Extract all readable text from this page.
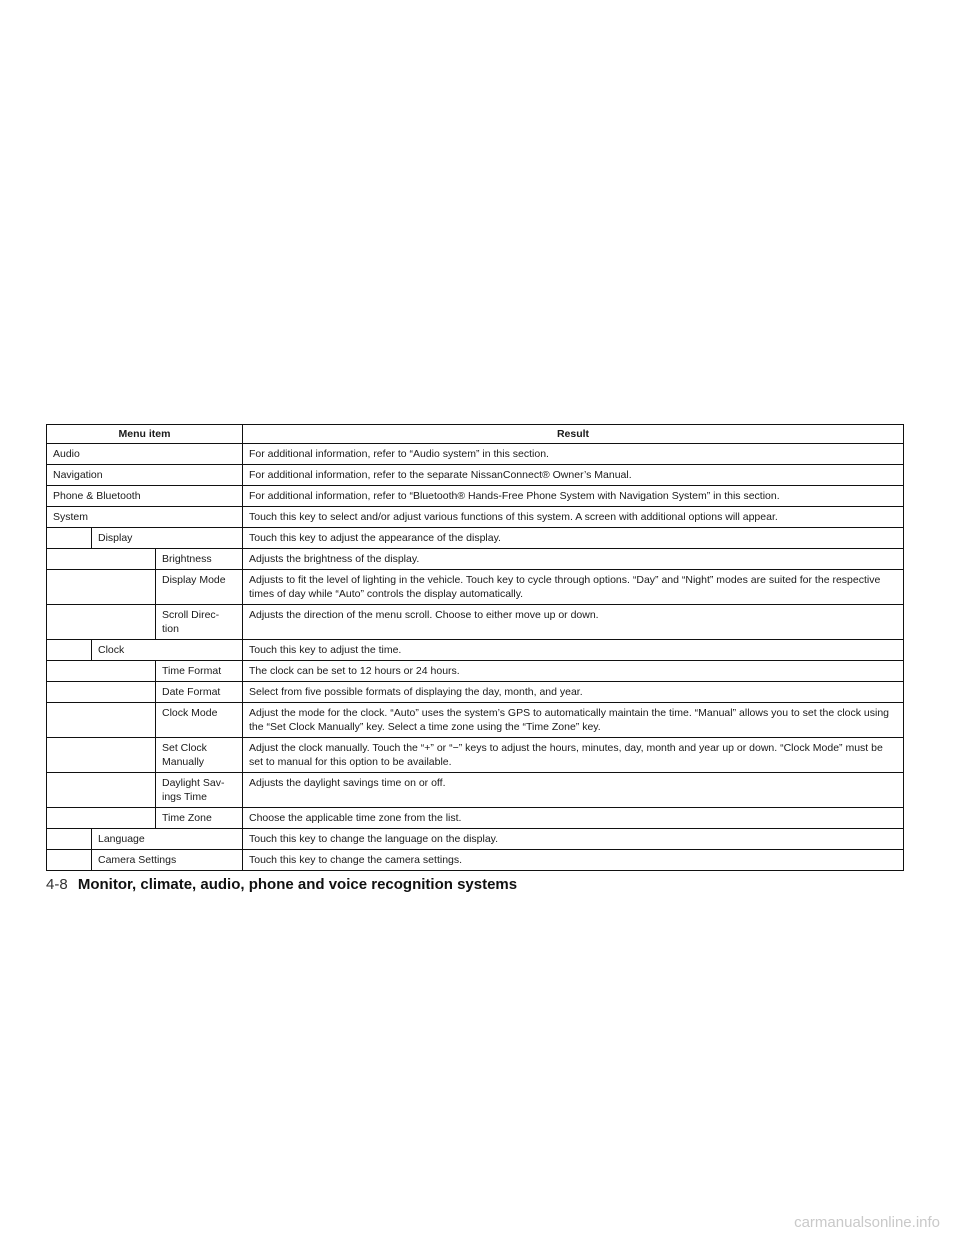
Menu item			Result
Audio			For additional information, refer to “Audio system” in this section.
Navigation			For additional information, refer to the separate NissanConnect® Owner’s Manual.
Phone & Bluetooth			For additional information, refer to “Bluetooth® Hands-Free Phone System with Navigation System” in this section.
System			Touch this key to select and/or adjust various functions of this system. A screen with additional options will appear.
	Display		Touch this key to adjust the appearance of the display.
		Brightness	Adjusts the brightness of the display.
		Display Mode	Adjusts to fit the level of lighting in the vehicle. Touch key to cycle through options. “Day” and “Night” modes are suited for the respective times of day while “Auto” controls the display automatically.
		Scroll Direc-tion	Adjusts the direction of the menu scroll. Choose to either move up or down.
	Clock		Touch this key to adjust the time.
		Time Format	The clock can be set to 12 hours or 24 hours.
		Date Format	Select from five possible formats of displaying the day, month, and year.
		Clock Mode	Adjust the mode for the clock. “Auto” uses the system’s GPS to automatically maintain the time. “Manual” allows you to set the clock using the “Set Clock Manually” key. Select a time zone using the “Time Zone” key.
		Set Clock Manually	Adjust the clock manually. Touch the “+” or “−” keys to adjust the hours, minutes, day, month and year up or down. “Clock Mode” must be set to manual for this option to be available.
		Daylight Sav-ings Time	Adjusts the daylight savings time on or off.
		Time Zone	Choose the applicable time zone from the list.
	Language		Touch this key to change the language on the display.
	Camera Settings		Touch this key to change the camera settings.
4-8 Monitor, climate, audio, phone and voice recognition systems
carmanualsonline.info
